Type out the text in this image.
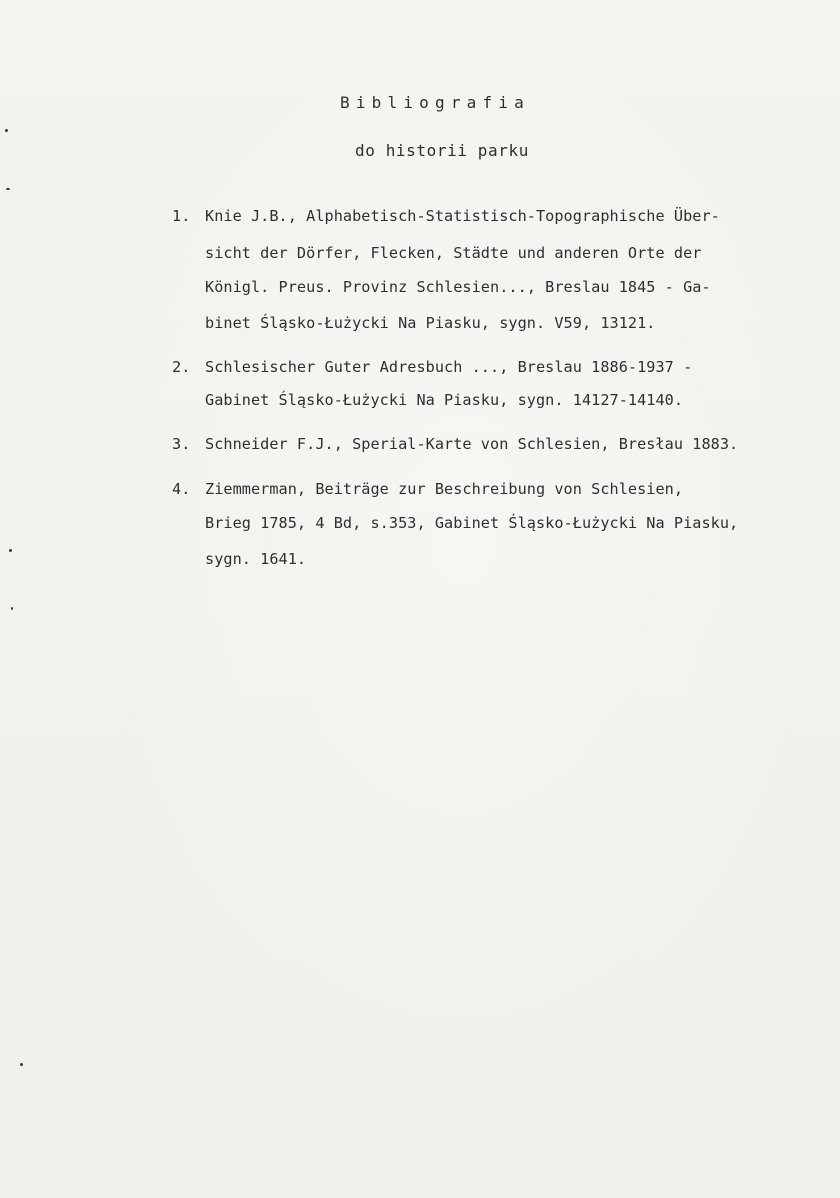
Bibliografia
do historii parku
1. Knie J.B., Alphabetisch-Statistisch-Topographische Über-
sicht der Dörfer, Flecken, Städte und anderen Orte der
Königl. Preus. Provinz Schlesien..., Breslau 1845 - Ga-
binet Śląsko-Łużycki Na Piasku, sygn. V59, 13121.
2. Schlesischer Guter Adresbuch ..., Breslau 1886-1937 -
Gabinet Śląsko-Łużycki Na Piasku, sygn. 14127-14140.
3. Schneider F.J., Sperial-Karte von Schlesien, Bresłau 1883.
4. Ziemmerman, Beiträge zur Beschreibung von Schlesien,
Brieg 1785, 4 Bd, s.353, Gabinet Śląsko-Łużycki Na Piasku,
sygn. 1641.
